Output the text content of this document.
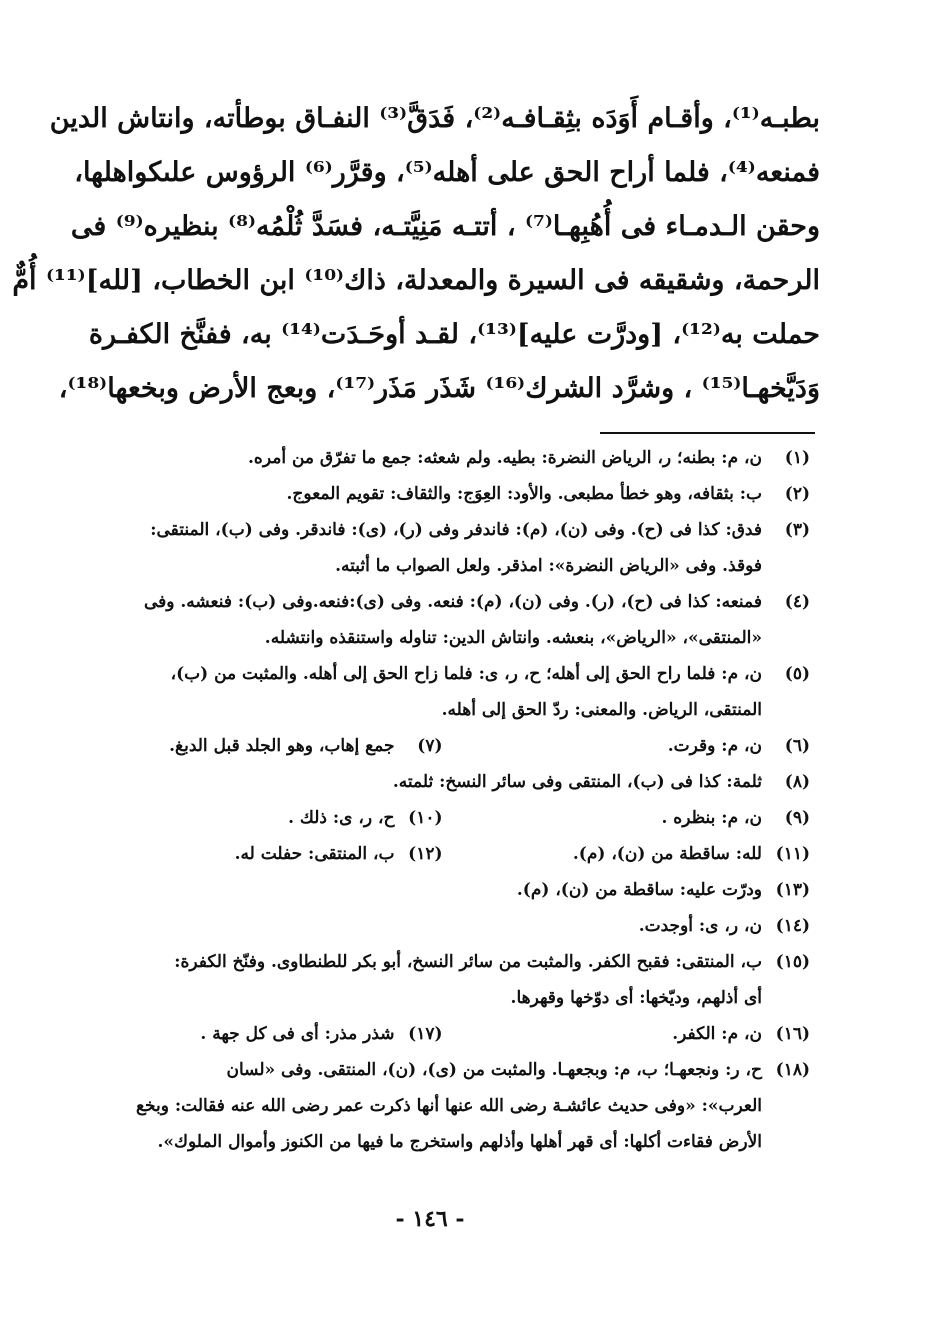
بطبـه⁽¹⁾، وأقـام أَوَدَه بثِقـافـه⁽²⁾، فَدَقَّ⁽³⁾ النفـاق بوطأته، وانتاش الدين
فمنعه⁽⁴⁾، فلما أراح الحق على أهله⁽⁵⁾، وقرَّر⁽⁶⁾ الرؤوس علىكواهلها،
وحقن الـدمـاء فى أُهُبِهـا⁽⁷⁾ ، أتتـه مَنِيَّتـه، فسَدَّ ثُلْمُه⁽⁸⁾ بنظيره⁽⁹⁾ فى
الرحمة، وشقيقه فى السيرة والمعدلة، ذاك⁽¹⁰⁾ ابن الخطاب، [لله]⁽¹¹⁾ أُمٌّ
حملت به⁽¹²⁾، [ودرَّت عليه]⁽¹³⁾، لقـد أوحَـدَت⁽¹⁴⁾ به، ففنَّخ الكفـرة
وَدَيَّخهـا⁽¹⁵⁾ ، وشرَّد الشرك⁽¹⁶⁾ شَذَر مَذَر⁽¹⁷⁾، وبعج الأرض وبخعها⁽¹⁸⁾،
(١)
ن، م: بطنه؛ ر، الرياض النضرة: بطيه. ولم شعثه: جمع ما تفرّق من أمره.
(٢)
ب: بثقافه، وهو خطأ مطبعى. والأود: العِوَج: والثقاف: تقويم المعوج.
(٣)
فدق: كذا فى (ح). وفى (ن)، (م): فاندفر وفى (ر)، (ى): فاندقر. وفى (ب)، المنتقى:
فوقذ. وفى «الرياض النضرة»: امذقر. ولعل الصواب ما أثبته.
(٤)
فمنعه: كذا فى (ح)، (ر). وفى (ن)، (م): فنعه. وفى (ى):فنعه.وفى (ب): فنعشه. وفى
«المنتقى»، «الرياض»، بنعشه. وانتاش الدين: تناوله واستنقذه وانتشله.
(٥)
ن، م: فلما راح الحق إلى أهله؛ ح، ر، ى: فلما زاح الحق إلى أهله. والمثبت من (ب)،
المنتقى، الرياض. والمعنى: ردّ الحق إلى أهله.
(٦)
ن، م: وقرت.
(٧)
جمع إهاب، وهو الجلد قبل الدبغ.
(٨)
ثلمة: كذا فى (ب)، المنتقى وفى سائر النسخ: ثلمته.
(٩)
ن، م: بنظره .
(١٠)
ح، ر، ى: ذلك .
(١١)
لله: ساقطة من (ن)، (م).
(١٢)
ب، المنتقى: حفلت له.
(١٣)
ودرّت عليه: ساقطة من (ن)، (م).
(١٤)
ن، ر، ى: أوجدت.
(١٥)
ب، المنتقى: فقبح الكفر. والمثبت من سائر النسخ، أبو بكر للطنطاوى. وفنّخ الكفرة:
أى أذلهم، وديّخها: أى دوّخها وقهرها.
(١٦)
ن، م: الكفر.
(١٧)
شذر مذر: أى فى كل جهة .
(١٨)
ح، ر: ونجعهـا؛ ب، م: وبجعهـا. والمثبت من (ى)، (ن)، المنتقى. وفى «لسان
العرب»: «وفى حديث عائشـة رضى الله عنها أنها ذكرت عمر رضى الله عنه فقالت: وبخع
الأرض فقاءت أكلها: أى قهر أهلها وأذلهم واستخرج ما فيها من الكنوز وأموال الملوك».
- ١٤٦ -
